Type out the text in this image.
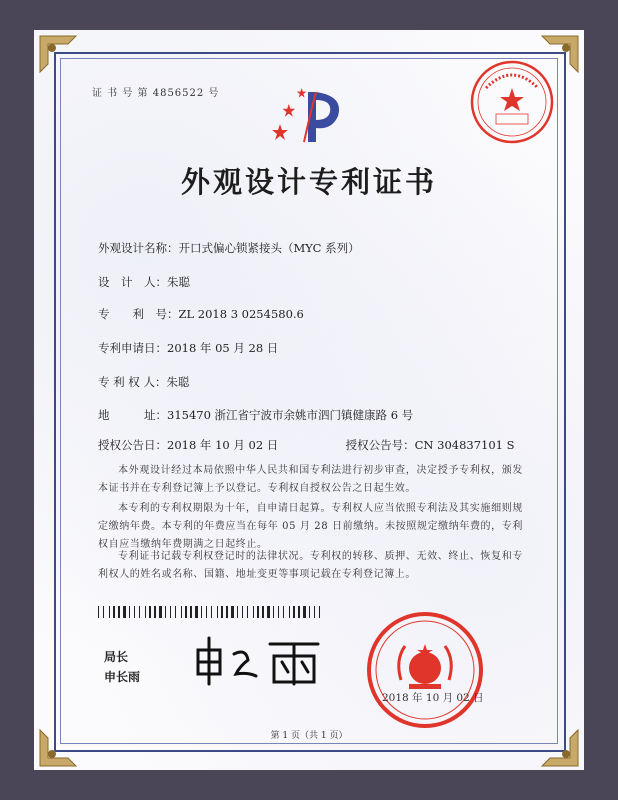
证 书 号 第 4856522 号
外观设计专利证书
外观设计名称：开口式偏心锁紧接头（MYC 系列）
设　计　人：朱聪
专　　利　号：ZL 2018 3 0254580.6
专利申请日：2018 年 05 月 28 日
专 利 权 人：朱聪
地　　　址：315470 浙江省宁波市余姚市泗门镇健康路 6 号
授权公告日：2018 年 10 月 02 日	授权公告号：CN 304837101 S
本外观设计经过本局依照中华人民共和国专利法进行初步审查，决定授予专利权，颁发本证书并在专利登记簿上予以登记。专利权自授权公告之日起生效。
本专利的专利权期限为十年，自申请日起算。专利权人应当依照专利法及其实施细则规定缴纳年费。本专利的年费应当在每年 05 月 28 日前缴纳。未按照规定缴纳年费的，专利权自应当缴纳年费期满之日起终止。
专利证书记载专利权登记时的法律状况。专利权的转移、质押、无效、终止、恢复和专利权人的姓名或名称、国籍、地址变更等事项记载在专利登记簿上。
局长
申长雨
2018 年 10 月 02 日
第 1 页（共 1 页）
